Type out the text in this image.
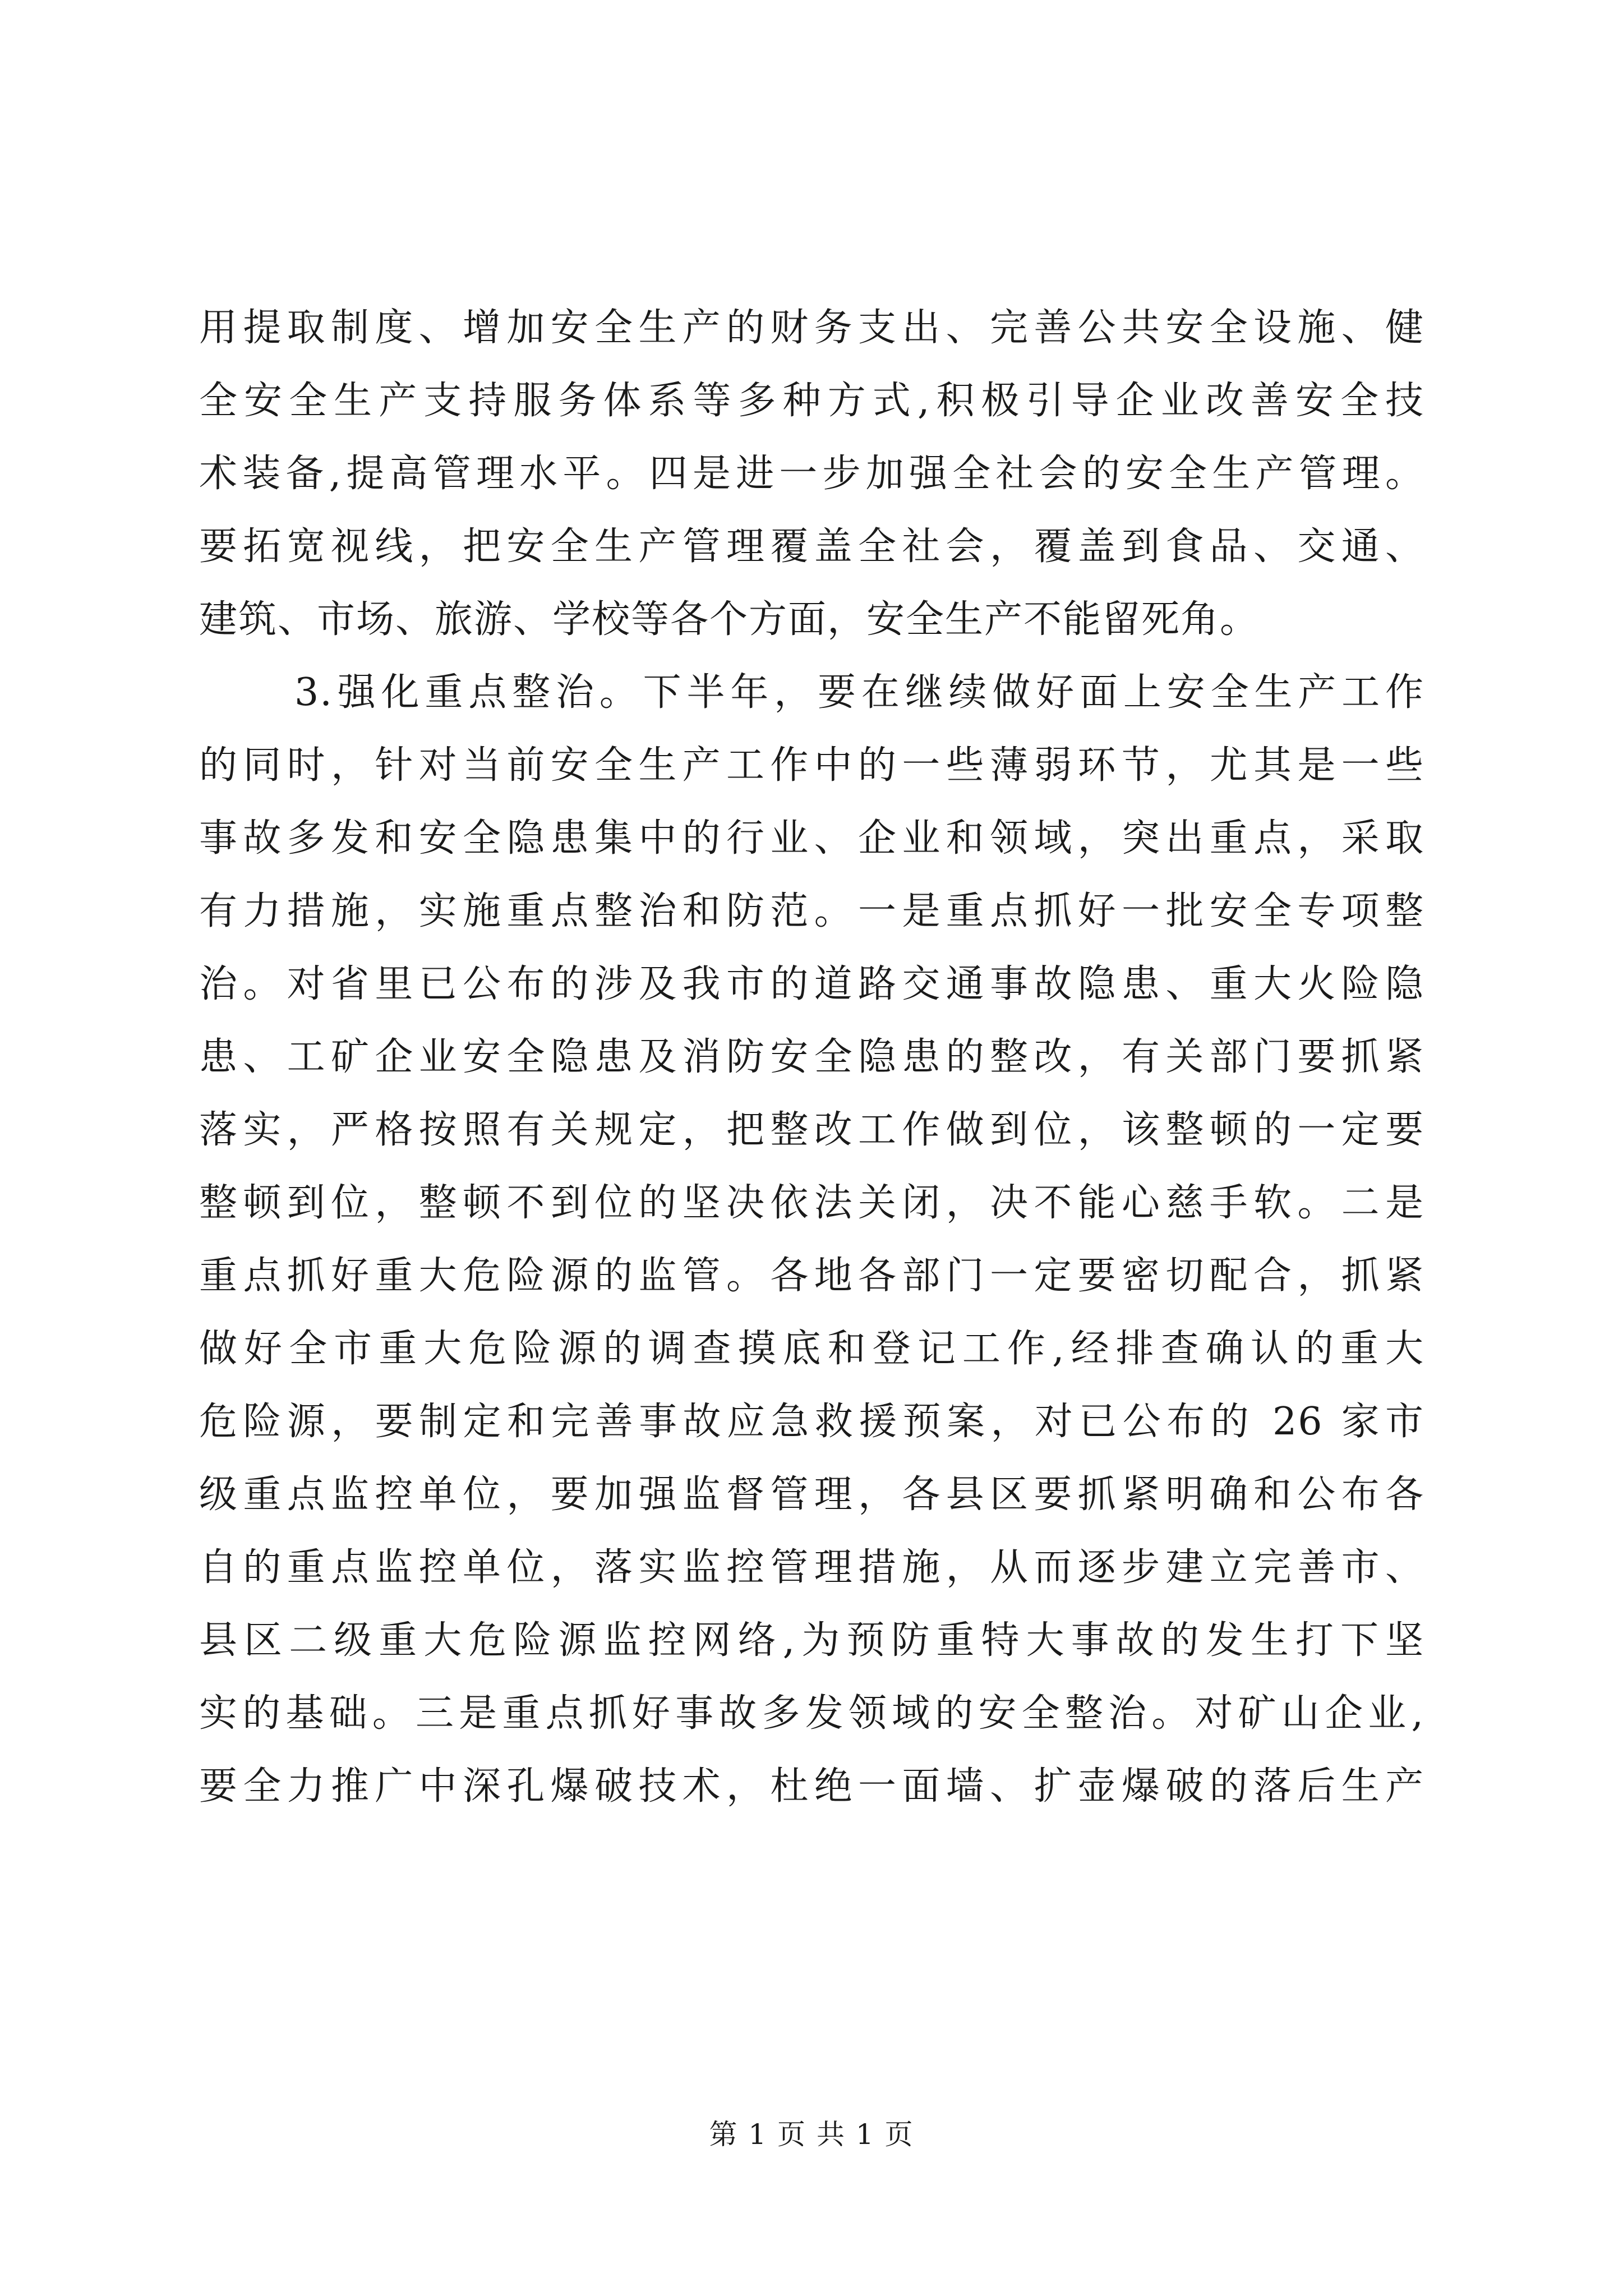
用提取制度、增加安全生产的财务支出、完善公共安全设施、健
全安全生产支持服务体系等多种方式,积极引导企业改善安全技
术装备,提高管理水平。四是进一步加强全社会的安全生产管理。
要拓宽视线，把安全生产管理覆盖全社会，覆盖到食品、交通、
建筑、市场、旅游、学校等各个方面，安全生产不能留死角。
3.强化重点整治。下半年，要在继续做好面上安全生产工作
的同时，针对当前安全生产工作中的一些薄弱环节，尤其是一些
事故多发和安全隐患集中的行业、企业和领域，突出重点，采取
有力措施，实施重点整治和防范。一是重点抓好一批安全专项整
治。对省里已公布的涉及我市的道路交通事故隐患、重大火险隐
患、工矿企业安全隐患及消防安全隐患的整改，有关部门要抓紧
落实，严格按照有关规定，把整改工作做到位，该整顿的一定要
整顿到位，整顿不到位的坚决依法关闭，决不能心慈手软。二是
重点抓好重大危险源的监管。各地各部门一定要密切配合，抓紧
做好全市重大危险源的调查摸底和登记工作,经排查确认的重大
危险源，要制定和完善事故应急救援预案，对已公布的 26 家市
级重点监控单位，要加强监督管理，各县区要抓紧明确和公布各
自的重点监控单位，落实监控管理措施，从而逐步建立完善市、
县区二级重大危险源监控网络,为预防重特大事故的发生打下坚
实的基础。三是重点抓好事故多发领域的安全整治。对矿山企业,
要全力推广中深孔爆破技术，杜绝一面墙、扩壶爆破的落后生产
第 1 页 共 1 页
